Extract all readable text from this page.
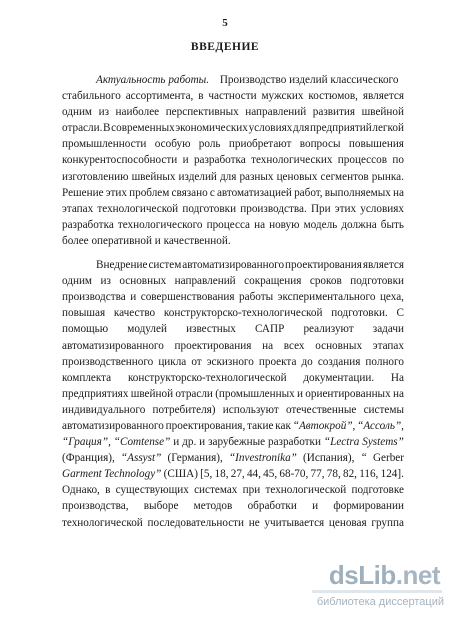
5
ВВЕДЕНИЕ
Актуальность работы. Производство изделий классического
стабильного ассортимента, в частности мужских костюмов, является
одним из наиболее перспективных направлений развития швейной
отрасли. В современных экономических условиях для предприятий легкой
промышленности особую роль приобретают вопросы повышения
конкурентоспособности и разработка технологических процессов по
изготовлению швейных изделий для разных ценовых сегментов рынка.
Решение этих проблем связано с автоматизацией работ, выполняемых на
этапах технологической подготовки производства. При этих условиях
разработка технологического процесса на новую модель должна быть
более оперативной и качественной.
Внедрение систем автоматизированного проектирования является
одним из основных направлений сокращения сроков подготовки
производства и совершенствования работы экспериментального цеха,
повышая качество конструкторско-технологической подготовки. С
помощью модулей известных САПР реализуют задачи
автоматизированного проектирования на всех основных этапах
производственного цикла от эскизного проекта до создания полного
комплекта конструкторско-технологической документации. На
предприятиях швейной отрасли (промышленных и ориентированных на
индивидуального потребителя) используют отечественные системы
автоматизированного проектирования, такие как “Автокрой”, “Ассоль”,
“Грация”, “Comtense” и др. и зарубежные разработки “Lectra Systems”
(Франция), “Assyst” (Германия), “Investronika” (Испания), “ Gerber
Garment Technology” (США) [5, 18, 27, 44, 45, 68-70, 77, 78, 82, 116, 124].
Однако, в существующих системах при технологической подготовке
производства, выборе методов обработки и формировании
технологической последовательности не учитывается ценовая группа
dsLib.net
библиотека диссертаций
